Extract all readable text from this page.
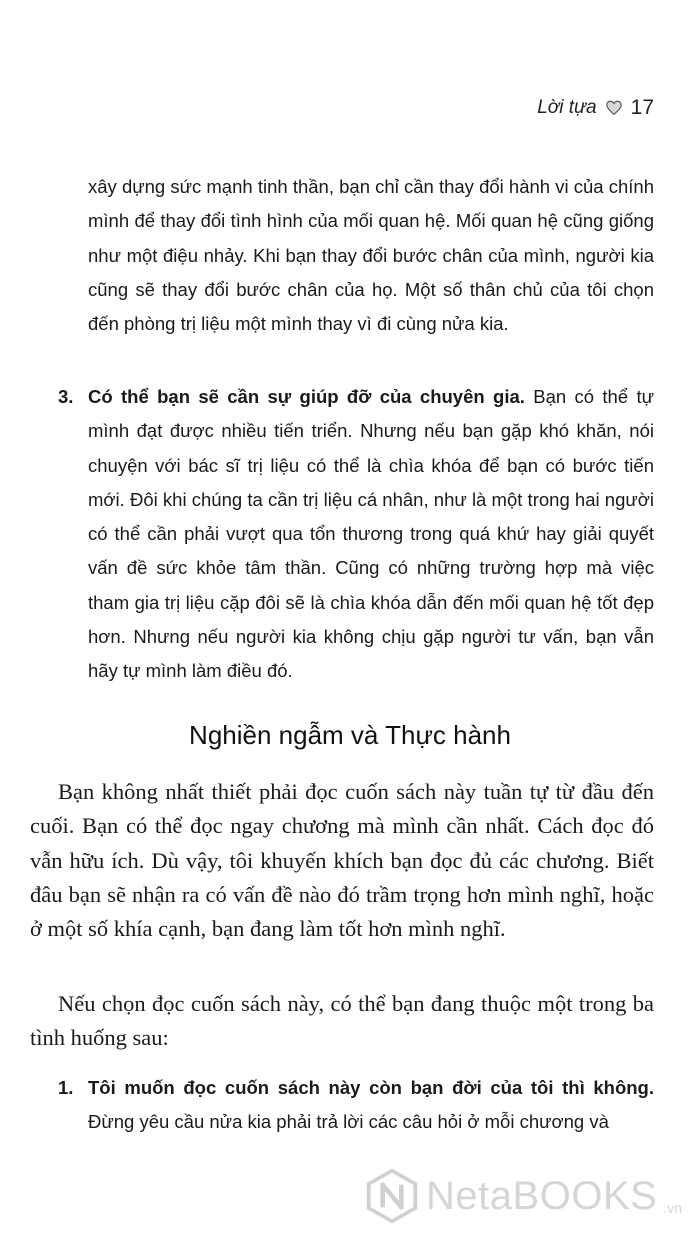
Lời tựa 17

xây dựng sức mạnh tinh thần, bạn chỉ cần thay đổi hành vi của chính mình để thay đổi tình hình của mối quan hệ. Mối quan hệ cũng giống như một điệu nhảy. Khi bạn thay đổi bước chân của mình, người kia cũng sẽ thay đổi bước chân của họ. Một số thân chủ của tôi chọn đến phòng trị liệu một mình thay vì đi cùng nửa kia.

3. Có thể bạn sẽ cần sự giúp đỡ của chuyên gia. Bạn có thể tự mình đạt được nhiều tiến triển. Nhưng nếu bạn gặp khó khăn, nói chuyện với bác sĩ trị liệu có thể là chìa khóa để bạn có bước tiến mới. Đôi khi chúng ta cần trị liệu cá nhân, như là một trong hai người có thể cần phải vượt qua tổn thương trong quá khứ hay giải quyết vấn đề sức khỏe tâm thần. Cũng có những trường hợp mà việc tham gia trị liệu cặp đôi sẽ là chìa khóa dẫn đến mối quan hệ tốt đẹp hơn. Nhưng nếu người kia không chịu gặp người tư vấn, bạn vẫn hãy tự mình làm điều đó.

Nghiền ngẫm và Thực hành

Bạn không nhất thiết phải đọc cuốn sách này tuần tự từ đầu đến cuối. Bạn có thể đọc ngay chương mà mình cần nhất. Cách đọc đó vẫn hữu ích. Dù vậy, tôi khuyến khích bạn đọc đủ các chương. Biết đâu bạn sẽ nhận ra có vấn đề nào đó trầm trọng hơn mình nghĩ, hoặc ở một số khía cạnh, bạn đang làm tốt hơn mình nghĩ.

Nếu chọn đọc cuốn sách này, có thể bạn đang thuộc một trong ba tình huống sau:

1. Tôi muốn đọc cuốn sách này còn bạn đời của tôi thì không. Đừng yêu cầu nửa kia phải trả lời các câu hỏi ở mỗi chương và

NetaBOOKS .vn
